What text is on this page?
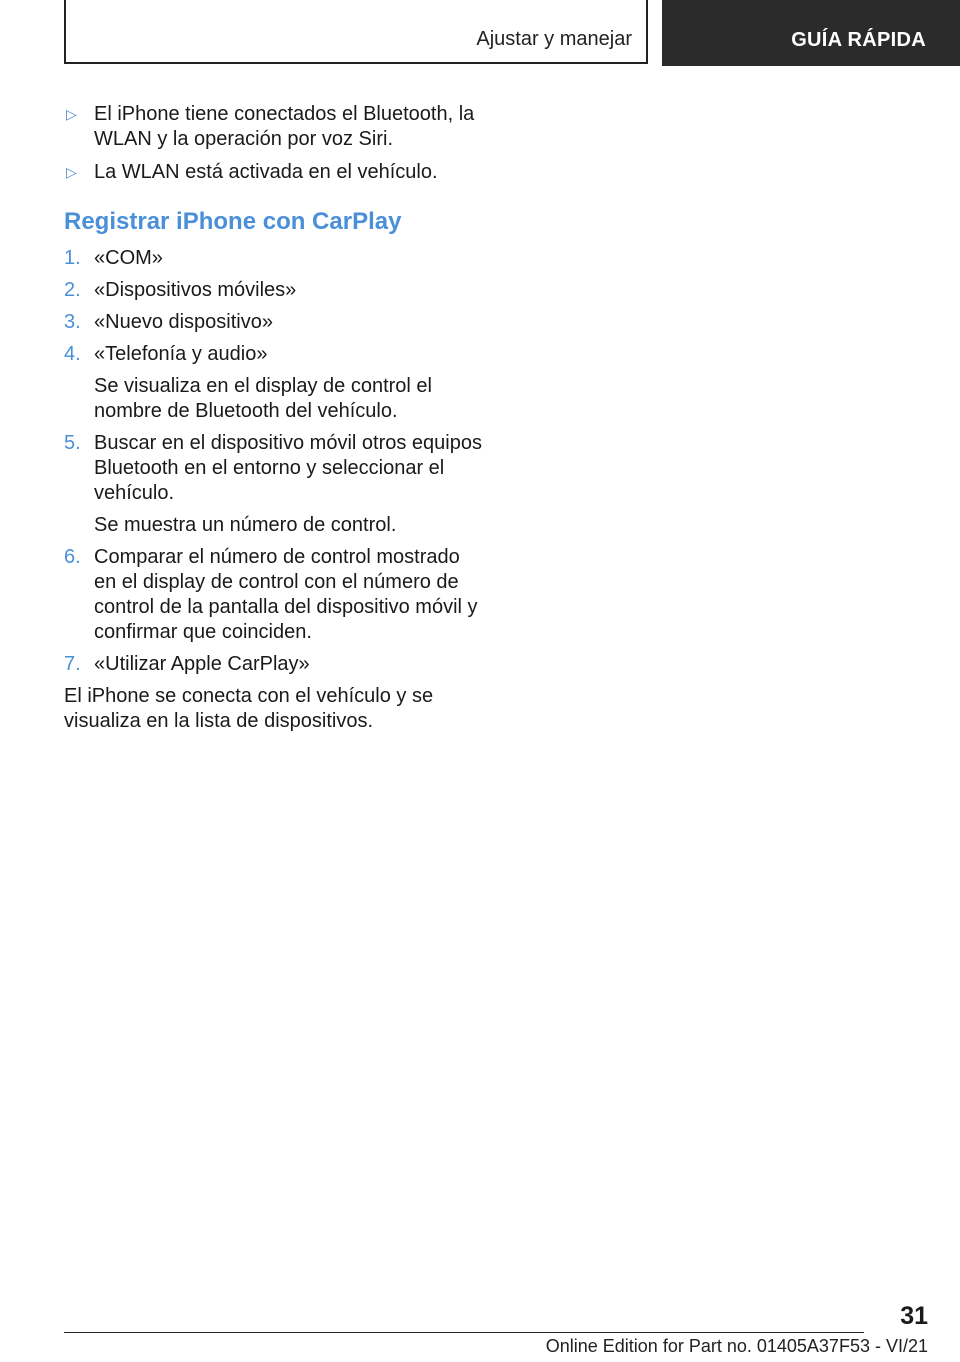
Ajustar y manejar	GUÍA RÁPIDA
▷ El iPhone tiene conectados el Bluetooth, la WLAN y la operación por voz Siri.
▷ La WLAN está activada en el vehículo.
Registrar iPhone con CarPlay
1. «COM»
2. «Dispositivos móviles»
3. «Nuevo dispositivo»
4. «Telefonía y audio»
Se visualiza en el display de control el nombre de Bluetooth del vehículo.
5. Buscar en el dispositivo móvil otros equipos Bluetooth en el entorno y seleccionar el vehículo.
Se muestra un número de control.
6. Comparar el número de control mostrado en el display de control con el número de control de la pantalla del dispositivo móvil y confirmar que coinciden.
7. «Utilizar Apple CarPlay»
El iPhone se conecta con el vehículo y se visualiza en la lista de dispositivos.
31
Online Edition for Part no. 01405A37F53 - VI/21
